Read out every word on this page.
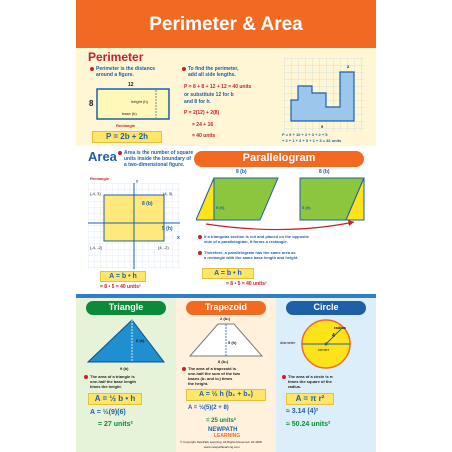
Perimeter & Area
Perimeter
Perimeter is the distance
around a figure.
12
8	height (h)
base (b)
Rectangle
P = 2b + 2h
To find the perimeter,
add all side lengths.
P = 8 + 8 + 12 + 12 = 40 units
or substitute 12 for b
and 8 for h.
P = 2(12) + 2(8)
= 24 + 16
= 40 units
2
9
P = 9 + 10 + 2 + 3 + 2 + 5
+ 2 + 1 + 3 + 5 + 1 + 3 = 46 units
Area	Area is the number of square
units inside the boundary of
a two-dimensional figure.
Rectangle	y
(-4, 3)	(4, 3)
(-4, -2)	(4, -2)
8 (b)
5 (h)
x
A = b • h
= 8 • 5 = 40 units²
Parallelogram
8 (b)	8 (b)
5 (h)	5 (h)
If a triangular section is cut and placed on the opposite
side of a parallelogram, it forms a rectangle.
Therefore, a parallelogram has the same area as
a rectangle with the same base length and height.
A = b • h
= 8 • 5 = 40 units²
Triangle
6 (h)
9 (b)
The area of a triangle is
one-half the base length
times the height.
A = ½ b • h
A = ½(9)(6)
= 27 units²
Trapezoid
2 (b₁)
5 (h)
8 (b₂)
The area of a trapezoid is
one-half the sum of the two
bases (b₁ and b₂) times
the height.
A = ½ h (b₁ + b₂)
A = ½(5)(2 + 8)
= 25 units²
NEWPATH
LEARNING
© Copyright NewPath Learning. All Rights Reserved. 93-4605
www.newpathlearning.com
Circle
radius
4
diameter
center
The area of a circle is π
times the square of the
radius.
A = π r²
≈ 3.14 (4)²
≈ 50.24 units²
